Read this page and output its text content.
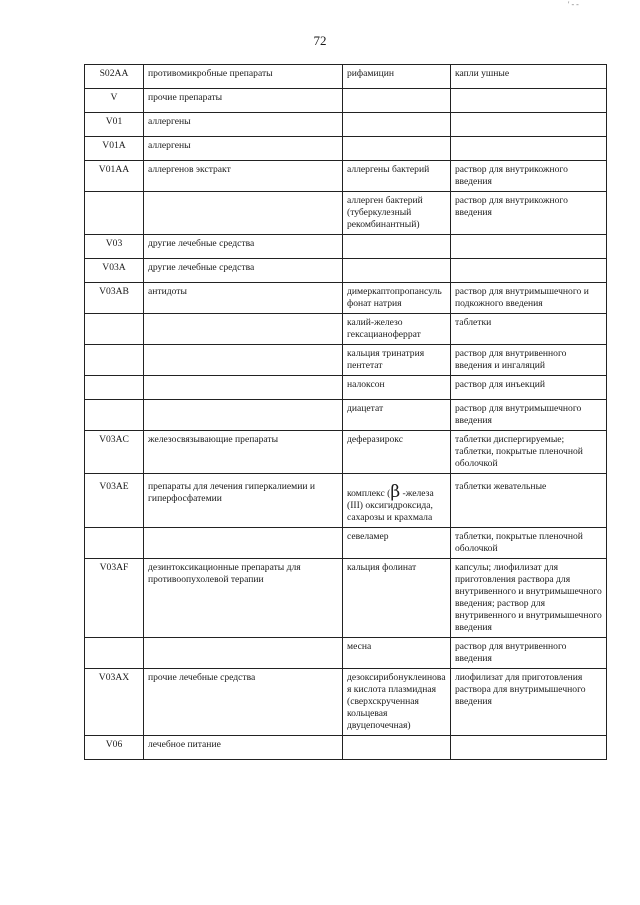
' - -
72
S02AA	противомикробные препараты	рифамицин	капли ушные
V	прочие препараты		
V01	аллергены		
V01A	аллергены		
V01AA	аллергенов экстракт	аллергены бактерий	раствор для внутрикожного введения
		аллерген бактерий (туберкулезный рекомбинантный)	раствор для внутрикожного введения
V03	другие лечебные средства		
V03A	другие лечебные средства		
V03AB	антидоты	димеркаптопропансульфонат натрия	раствор для внутримышечного и подкожного введения
		калий-железо гексацианоферрат	таблетки
		кальция тринатрия пентетат	раствор для внутривенного введения и ингаляций
		налоксон	раствор для инъекций
		диацетат	раствор для внутримышечного введения
V03AC	железосвязывающие препараты	деферазирокс	таблетки диспергируемые; таблетки, покрытые пленочной оболочкой
V03AE	препараты для лечения гиперкалиемии и гиперфосфатемии	комплекс (β -железа (III) оксигидроксида, сахарозы и крахмала	таблетки жевательные
		севеламер	таблетки, покрытые пленочной оболочкой
V03AF	дезинтоксикационные препараты для противоопухолевой терапии	кальция фолинат	капсулы; лиофилизат для приготовления раствора для внутривенного и внутримышечного введения; раствор для внутривенного и внутримышечного введения
		месна	раствор для внутривенного введения
V03AX	прочие лечебные средства	дезоксирибонуклеиновая кислота плазмидная (сверхскрученная кольцевая двуцепочечная)	лиофилизат для приготовления раствора для внутримышечного введения
V06	лечебное питание		
